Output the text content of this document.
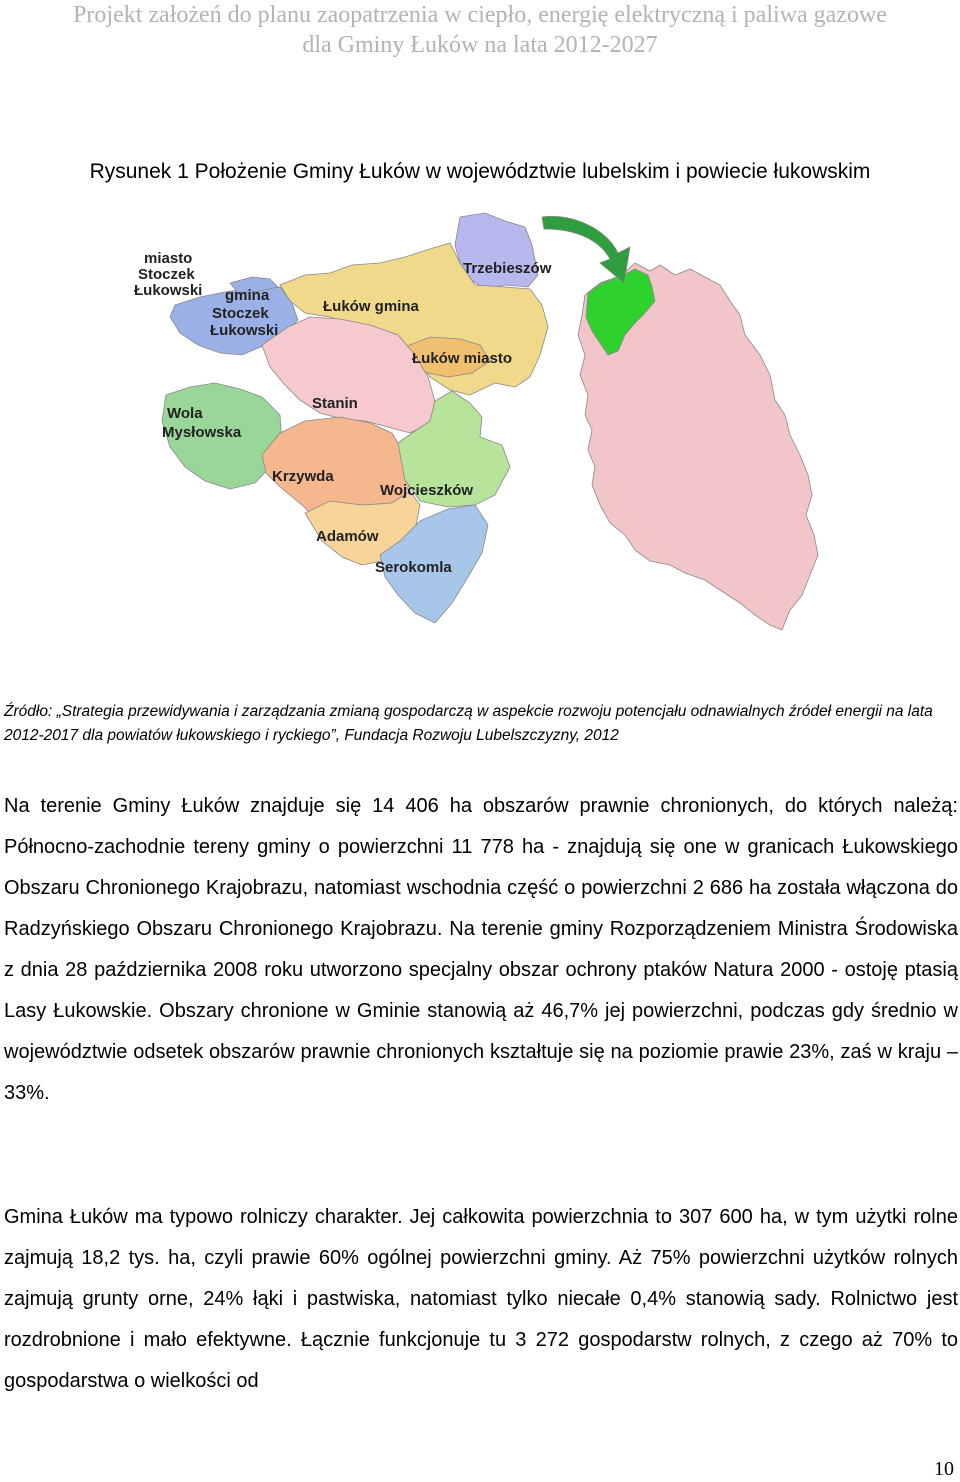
Projekt założeń do planu zaopatrzenia w ciepło, energię elektryczną i paliwa gazowe
dla Gminy Łuków na lata 2012-2027
Rysunek 1 Położenie Gminy Łuków w województwie lubelskim i powiecie łukowskim
miasto
Stoczek
Łukowski gmina
Stoczek
Łukowski
Trzebieszów
Łuków gmina
Łuków miasto
Stanin
Wola
Mysłowska
Krzywda
Wojcieszków
Adamów
Serokomla
Źródło: „Strategia przewidywania i zarządzania zmianą gospodarczą w aspekcie rozwoju potencjału odnawialnych źródeł energii na lata 2012-2017 dla powiatów łukowskiego i ryckiego”, Fundacja Rozwoju Lubelszczyzny, 2012
Na terenie Gminy Łuków znajduje się 14 406 ha obszarów prawnie chronionych, do których należą: Północno-zachodnie tereny gminy o powierzchni 11 778 ha - znajdują się one w granicach Łukowskiego Obszaru Chronionego Krajobrazu, natomiast wschodnia część o powierzchni 2 686 ha została włączona do Radzyńskiego Obszaru Chronionego Krajobrazu. Na terenie gminy Rozporządzeniem Ministra Środowiska z dnia 28 października 2008 roku utworzono specjalny obszar ochrony ptaków Natura 2000 - ostoję ptasią Lasy Łukowskie. Obszary chronione w Gminie stanowią aż 46,7% jej powierzchni, podczas gdy średnio w województwie odsetek obszarów prawnie chronionych kształtuje się na poziomie prawie 23%, zaś w kraju – 33%.
Gmina Łuków ma typowo rolniczy charakter. Jej całkowita powierzchnia to 307 600 ha, w tym użytki rolne zajmują 18,2 tys. ha, czyli prawie 60% ogólnej powierzchni gminy. Aż 75% powierzchni użytków rolnych zajmują grunty orne, 24% łąki i pastwiska, natomiast tylko niecałe 0,4% stanowią sady. Rolnictwo jest rozdrobnione i mało efektywne. Łącznie funkcjonuje tu 3 272 gospodarstw rolnych, z czego aż 70% to gospodarstwa o wielkości od
10
